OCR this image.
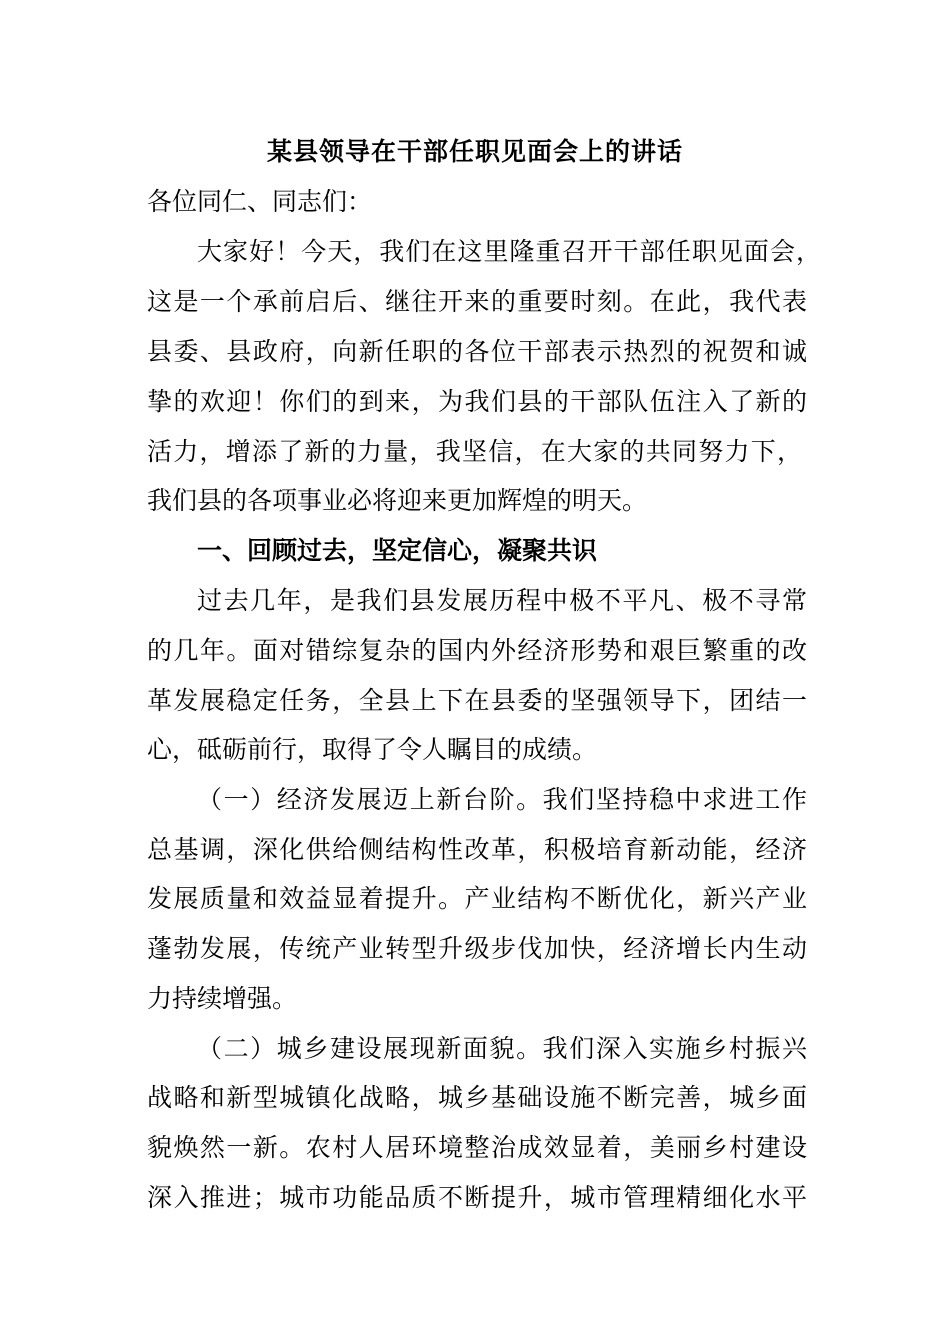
某县领导在干部任职见面会上的讲话
各位同仁、同志们：
大家好！今天，我们在这里隆重召开干部任职见面会，
这是一个承前启后、继往开来的重要时刻。在此，我代表
县委、县政府，向新任职的各位干部表示热烈的祝贺和诚
挚的欢迎！你们的到来，为我们县的干部队伍注入了新的
活力，增添了新的力量，我坚信，在大家的共同努力下，
我们县的各项事业必将迎来更加辉煌的明天。
一、回顾过去，坚定信心，凝聚共识
过去几年，是我们县发展历程中极不平凡、极不寻常
的几年。面对错综复杂的国内外经济形势和艰巨繁重的改
革发展稳定任务，全县上下在县委的坚强领导下，团结一
心，砥砺前行，取得了令人瞩目的成绩。
（一）经济发展迈上新台阶。我们坚持稳中求进工作
总基调，深化供给侧结构性改革，积极培育新动能，经济
发展质量和效益显着提升。产业结构不断优化，新兴产业
蓬勃发展，传统产业转型升级步伐加快，经济增长内生动
力持续增强。
（二）城乡建设展现新面貌。我们深入实施乡村振兴
战略和新型城镇化战略，城乡基础设施不断完善，城乡面
貌焕然一新。农村人居环境整治成效显着，美丽乡村建设
深入推进；城市功能品质不断提升，城市管理精细化水平
